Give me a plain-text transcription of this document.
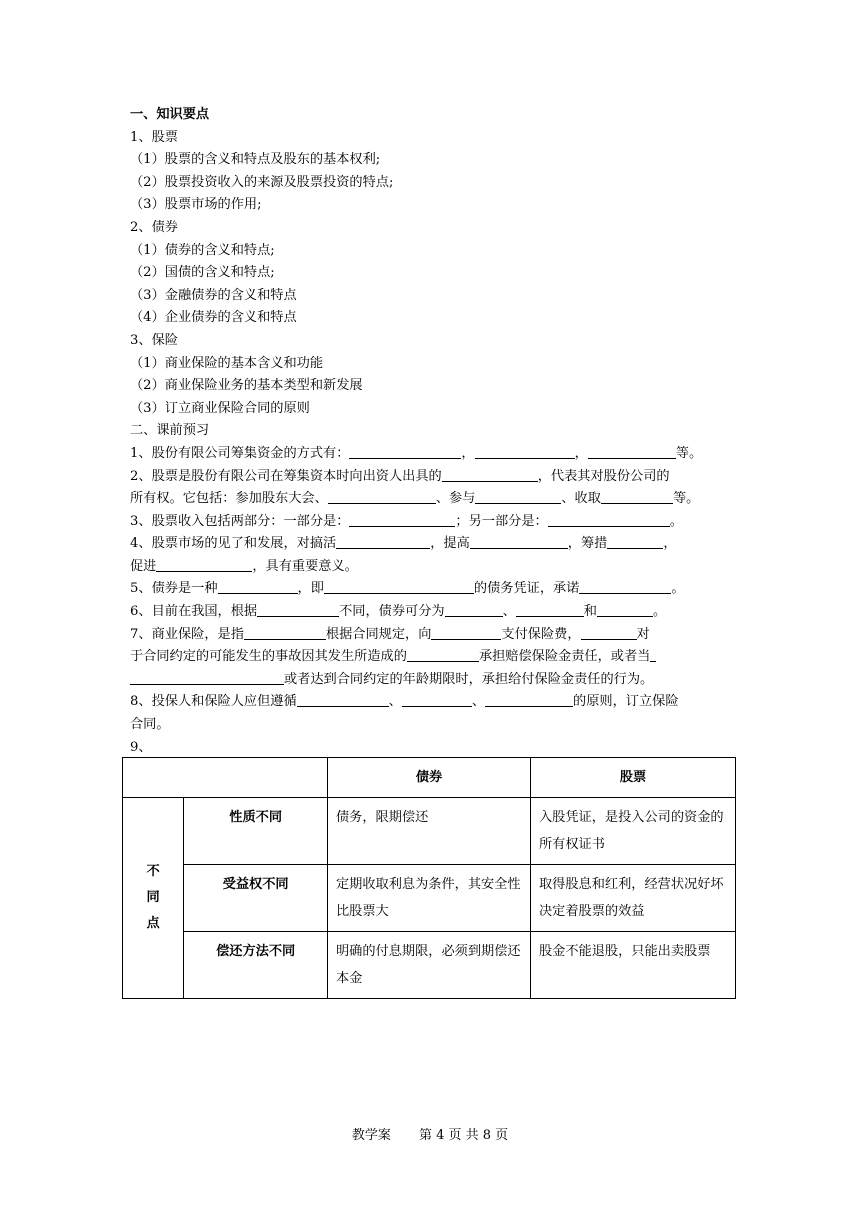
一、知识要点
1、股票
（1）股票的含义和特点及股东的基本权利;
（2）股票投资收入的来源及股票投资的特点;
（3）股票市场的作用;
2、债券
（1）债券的含义和特点;
（2）国债的含义和特点;
（3）金融债券的含义和特点
（4）企业债券的含义和特点
3、保险
（1）商业保险的基本含义和功能
（2）商业保险业务的基本类型和新发展
（3）订立商业保险合同的原则
二、课前预习
1、股份有限公司筹集资金的方式有：	，	，	等。
2、股票是股份有限公司在筹集资本时向出资人出具的	，代表其对股份公司的
所有权。它包括：参加股东大会、	、参与	、收取	等。
3、股票收入包括两部分：一部分是：	；另一部分是：	。
4、股票市场的见了和发展，对搞活	，提高	，筹措	，
促进	，具有重要意义。
5、债券是一种	，即	的债务凭证，承诺	。
6、目前在我国，根据	不同，债券可分为	、	和	。
7、商业保险，是指	根据合同规定，向	支付保险费，	对
于合同约定的可能发生的事故因其发生所造成的	承担赔偿保险金责任，或者当
或者达到合同约定的年龄期限时，承担给付保险金责任的行为。
8、投保人和保险人应但遵循	、	、	的原则，订立保险
合同。
9、
		债券	股票

不
同
点	性质不同	债务，限期偿还	入股凭证，是投入公司的资金的所有权证书
	受益权不同	定期收取利息为条件，其安全性比股票大	取得股息和红利，经营状况好坏决定着股票的效益
	偿还方法不同	明确的付息期限，必须到期偿还本金	股金不能退股，只能出卖股票
教学案 第 4 页 共 8 页
